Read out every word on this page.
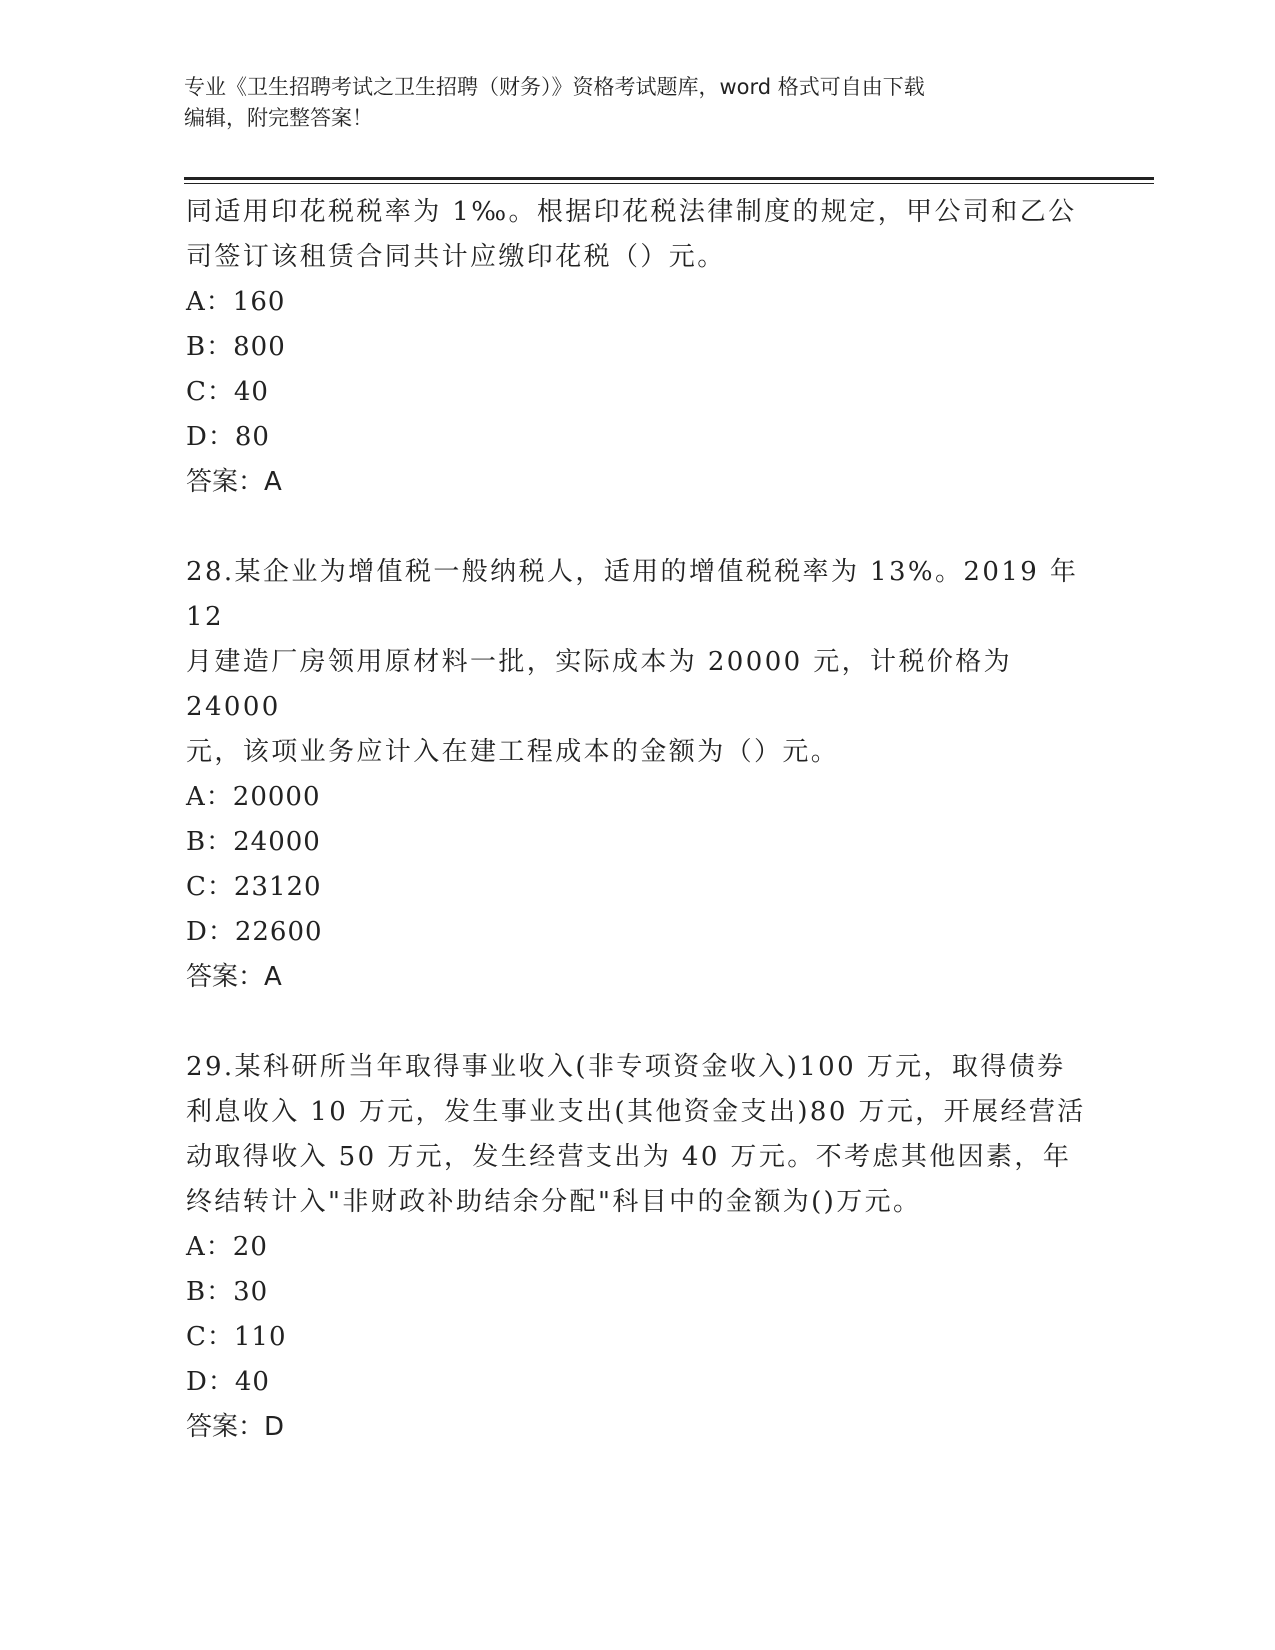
专业《卫生招聘考试之卫生招聘（财务）》资格考试题库，word 格式可自由下载
编辑，附完整答案！
同适用印花税税率为 1‰。根据印花税法律制度的规定，甲公司和乙公
司签订该租赁合同共计应缴印花税（）元。
A：160
B：800
C：40
D：80
答案：A
28.某企业为增值税一般纳税人，适用的增值税税率为 13%。2019 年 12
月建造厂房领用原材料一批，实际成本为 20000 元，计税价格为 24000
元，该项业务应计入在建工程成本的金额为（）元。
A：20000
B：24000
C：23120
D：22600
答案：A
29.某科研所当年取得事业收入(非专项资金收入)100 万元，取得债券
利息收入 10 万元，发生事业支出(其他资金支出)80 万元，开展经营活
动取得收入 50 万元，发生经营支出为 40 万元。不考虑其他因素，年
终结转计入"非财政补助结余分配"科目中的金额为()万元。
A：20
B：30
C：110
D：40
答案：D
